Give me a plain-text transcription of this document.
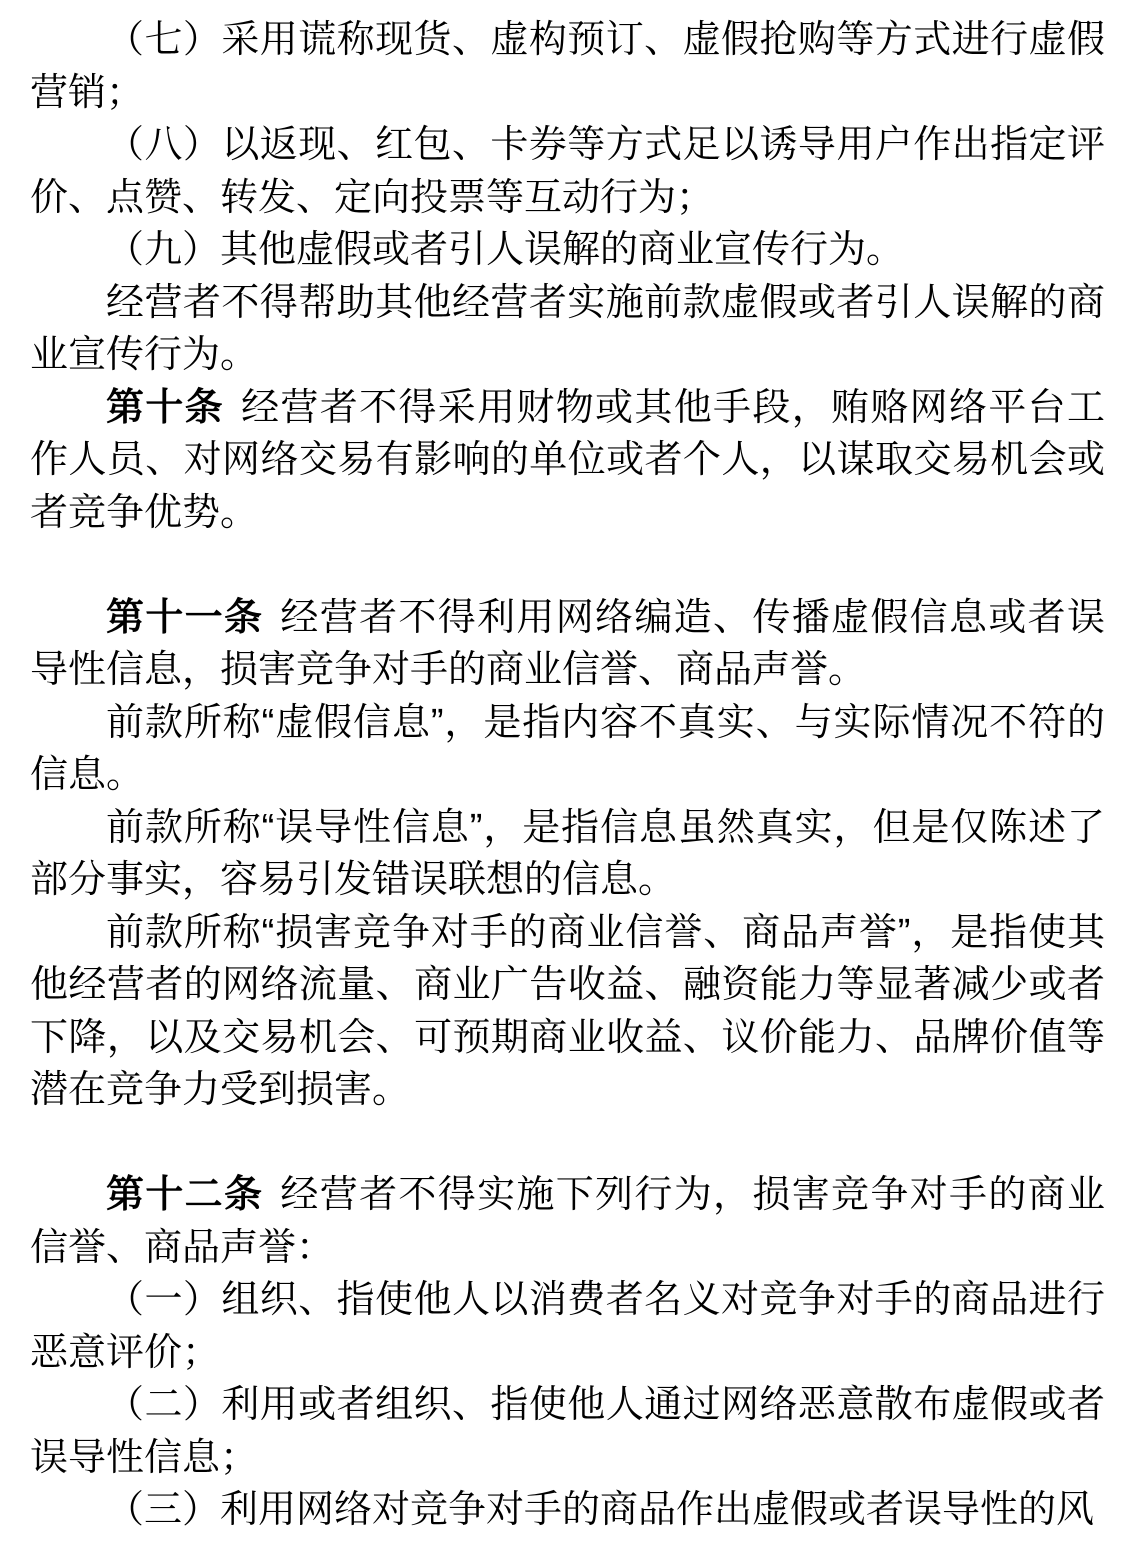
（七）采用谎称现货、虚构预订、虚假抢购等方式进行虚假营销；

（八）以返现、红包、卡券等方式足以诱导用户作出指定评价、点赞、转发、定向投票等互动行为；

（九）其他虚假或者引人误解的商业宣传行为。

经营者不得帮助其他经营者实施前款虚假或者引人误解的商业宣传行为。

第十条 经营者不得采用财物或其他手段，贿赂网络平台工作人员、对网络交易有影响的单位或者个人，以谋取交易机会或者竞争优势。

第十一条 经营者不得利用网络编造、传播虚假信息或者误导性信息，损害竞争对手的商业信誉、商品声誉。

前款所称“虚假信息”，是指内容不真实、与实际情况不符的信息。

前款所称“误导性信息”，是指信息虽然真实，但是仅陈述了部分事实，容易引发错误联想的信息。

前款所称“损害竞争对手的商业信誉、商品声誉”，是指使其他经营者的网络流量、商业广告收益、融资能力等显著减少或者下降，以及交易机会、可预期商业收益、议价能力、品牌价值等潜在竞争力受到损害。

第十二条 经营者不得实施下列行为，损害竞争对手的商业信誉、商品声誉：

（一）组织、指使他人以消费者名义对竞争对手的商品进行恶意评价；

（二）利用或者组织、指使他人通过网络恶意散布虚假或者误导性信息；

（三）利用网络对竞争对手的商品作出虚假或者误导性的风
